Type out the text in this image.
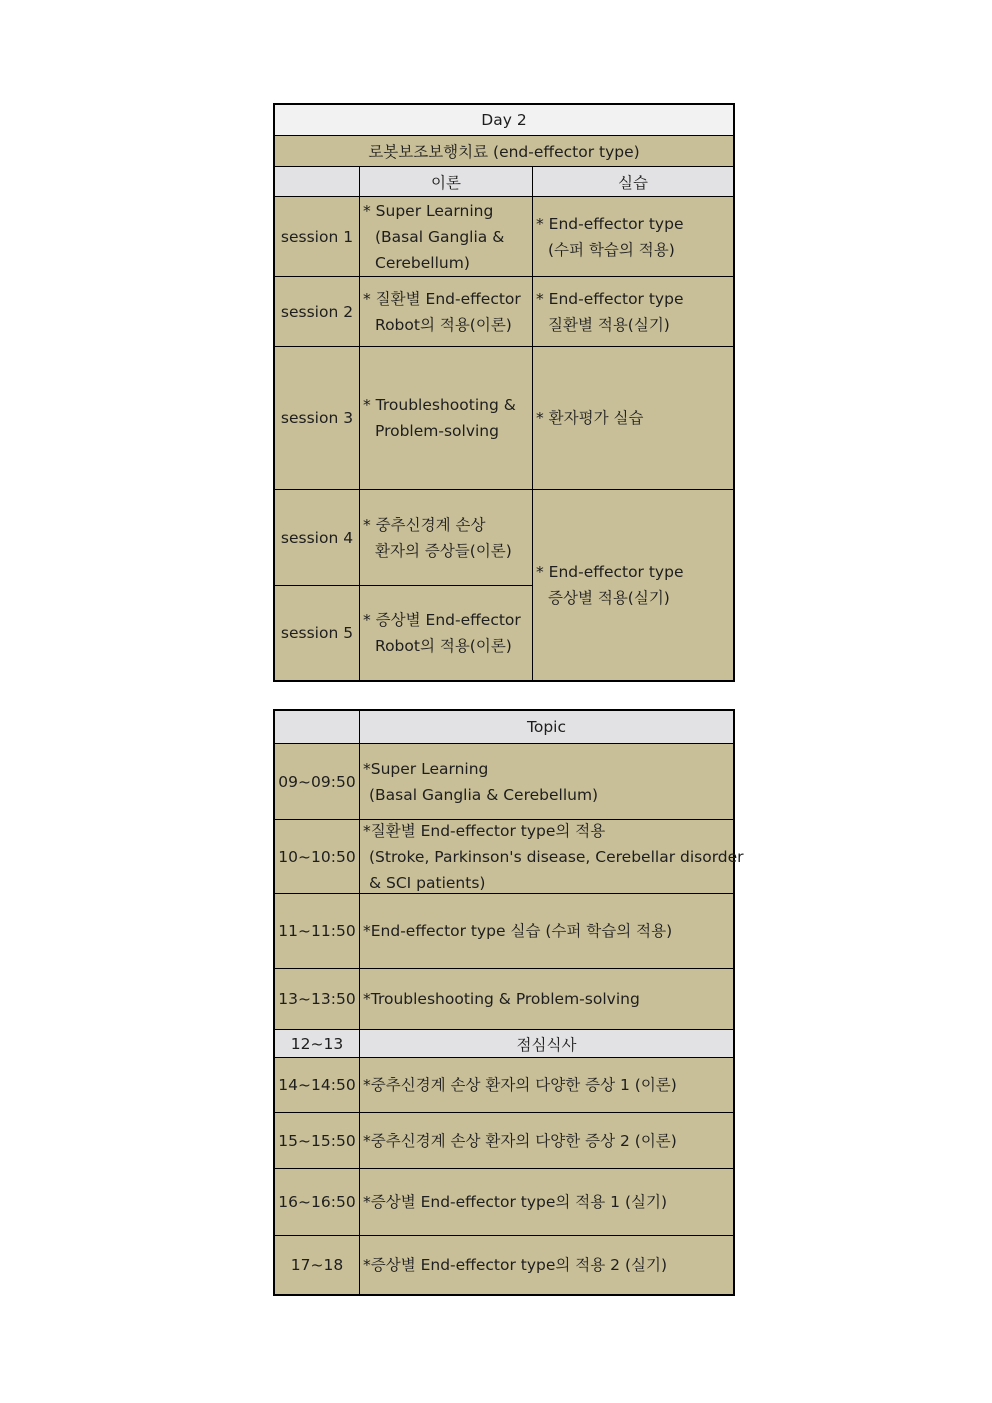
Day 2
로봇보조보행치료 (end-effector type)
이론	실습
session 1
* Super Learning
(Basal Ganglia &
Cerebellum)
* End-effector type
(수퍼 학습의 적용)
session 2
* 질환별 End-effector
Robot의 적용(이론)
* End-effector type
질환별 적용(실기)
session 3
* Troubleshooting &
Problem-solving
* 환자평가 실습
session 4
* 중추신경계 손상
환자의 증상들(이론)
session 5
* 증상별 End-effector
Robot의 적용(이론)
* End-effector type
증상별 적용(실기)
Topic
09~09:50
*Super Learning
(Basal Ganglia & Cerebellum)
10~10:50
*질환별 End-effector type의 적용
(Stroke, Parkinson's disease, Cerebellar disorder
& SCI patients)
11~11:50 *End-effector type 실습 (수퍼 학습의 적용)
13~13:50 *Troubleshooting & Problem-solving
12~13	점심식사
14~14:50 *중추신경계 손상 환자의 다양한 증상 1 (이론)
15~15:50 *중추신경계 손상 환자의 다양한 증상 2 (이론)
16~16:50 *증상별 End-effector type의 적용 1 (실기)
17~18 *증상별 End-effector type의 적용 2 (실기)
